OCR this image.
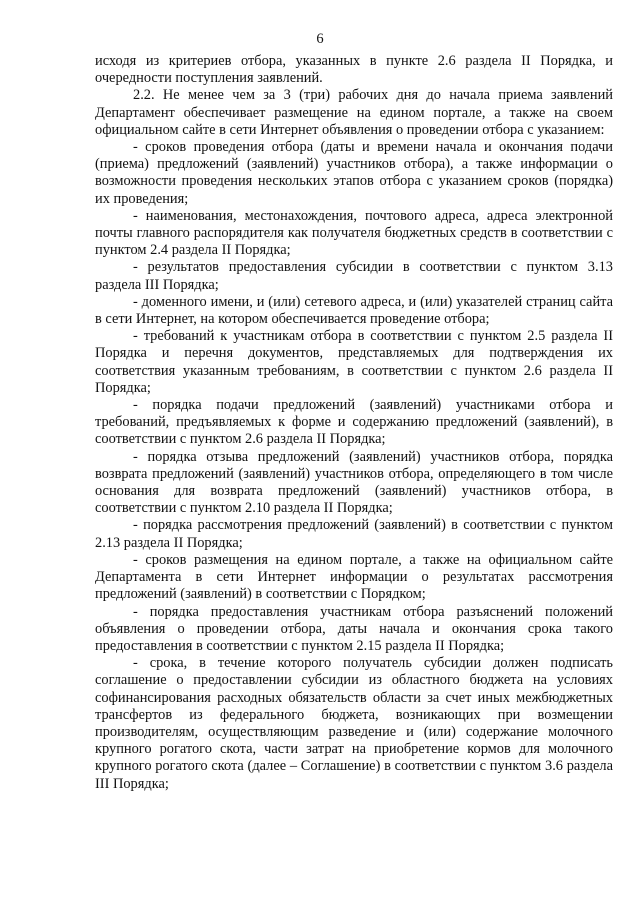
6

исходя из критериев отбора, указанных в пункте 2.6 раздела II Порядка, и очередности поступления заявлений.

2.2. Не менее чем за 3 (три) рабочих дня до начала приема заявлений Департамент обеспечивает размещение на едином портале, а также на своем официальном сайте в сети Интернет объявления о проведении отбора с указанием:

- сроков проведения отбора (даты и времени начала и окончания подачи (приема) предложений (заявлений) участников отбора), а также информации о возможности проведения нескольких этапов отбора с указанием сроков (порядка) их проведения;

- наименования, местонахождения, почтового адреса, адреса электронной почты главного распорядителя как получателя бюджетных средств в соответствии с пунктом 2.4 раздела II Порядка;

- результатов предоставления субсидии в соответствии с пунктом 3.13 раздела III Порядка;

- доменного имени, и (или) сетевого адреса, и (или) указателей страниц сайта в сети Интернет, на котором обеспечивается проведение отбора;

- требований к участникам отбора в соответствии с пунктом 2.5 раздела II Порядка и перечня документов, представляемых для подтверждения их соответствия указанным требованиям, в соответствии с пунктом 2.6 раздела II Порядка;

- порядка подачи предложений (заявлений) участниками отбора и требований, предъявляемых к форме и содержанию предложений (заявлений), в соответствии с пунктом 2.6 раздела II Порядка;

- порядка отзыва предложений (заявлений) участников отбора, порядка возврата предложений (заявлений) участников отбора, определяющего в том числе основания для возврата предложений (заявлений) участников отбора, в соответствии с пунктом 2.10 раздела II Порядка;

- порядка рассмотрения предложений (заявлений) в соответствии с пунктом 2.13 раздела II Порядка;

- сроков размещения на едином портале, а также на официальном сайте Департамента в сети Интернет информации о результатах рассмотрения предложений (заявлений) в соответствии с Порядком;

- порядка предоставления участникам отбора разъяснений положений объявления о проведении отбора, даты начала и окончания срока такого предоставления в соответствии с пунктом 2.15 раздела II Порядка;

- срока, в течение которого получатель субсидии должен подписать соглашение о предоставлении субсидии из областного бюджета на условиях софинансирования расходных обязательств области за счет иных межбюджетных трансфертов из федерального бюджета, возникающих при возмещении производителям, осуществляющим разведение и (или) содержание молочного крупного рогатого скота, части затрат на приобретение кормов для молочного крупного рогатого скота (далее – Соглашение) в соответствии с пунктом 3.6 раздела III Порядка;
